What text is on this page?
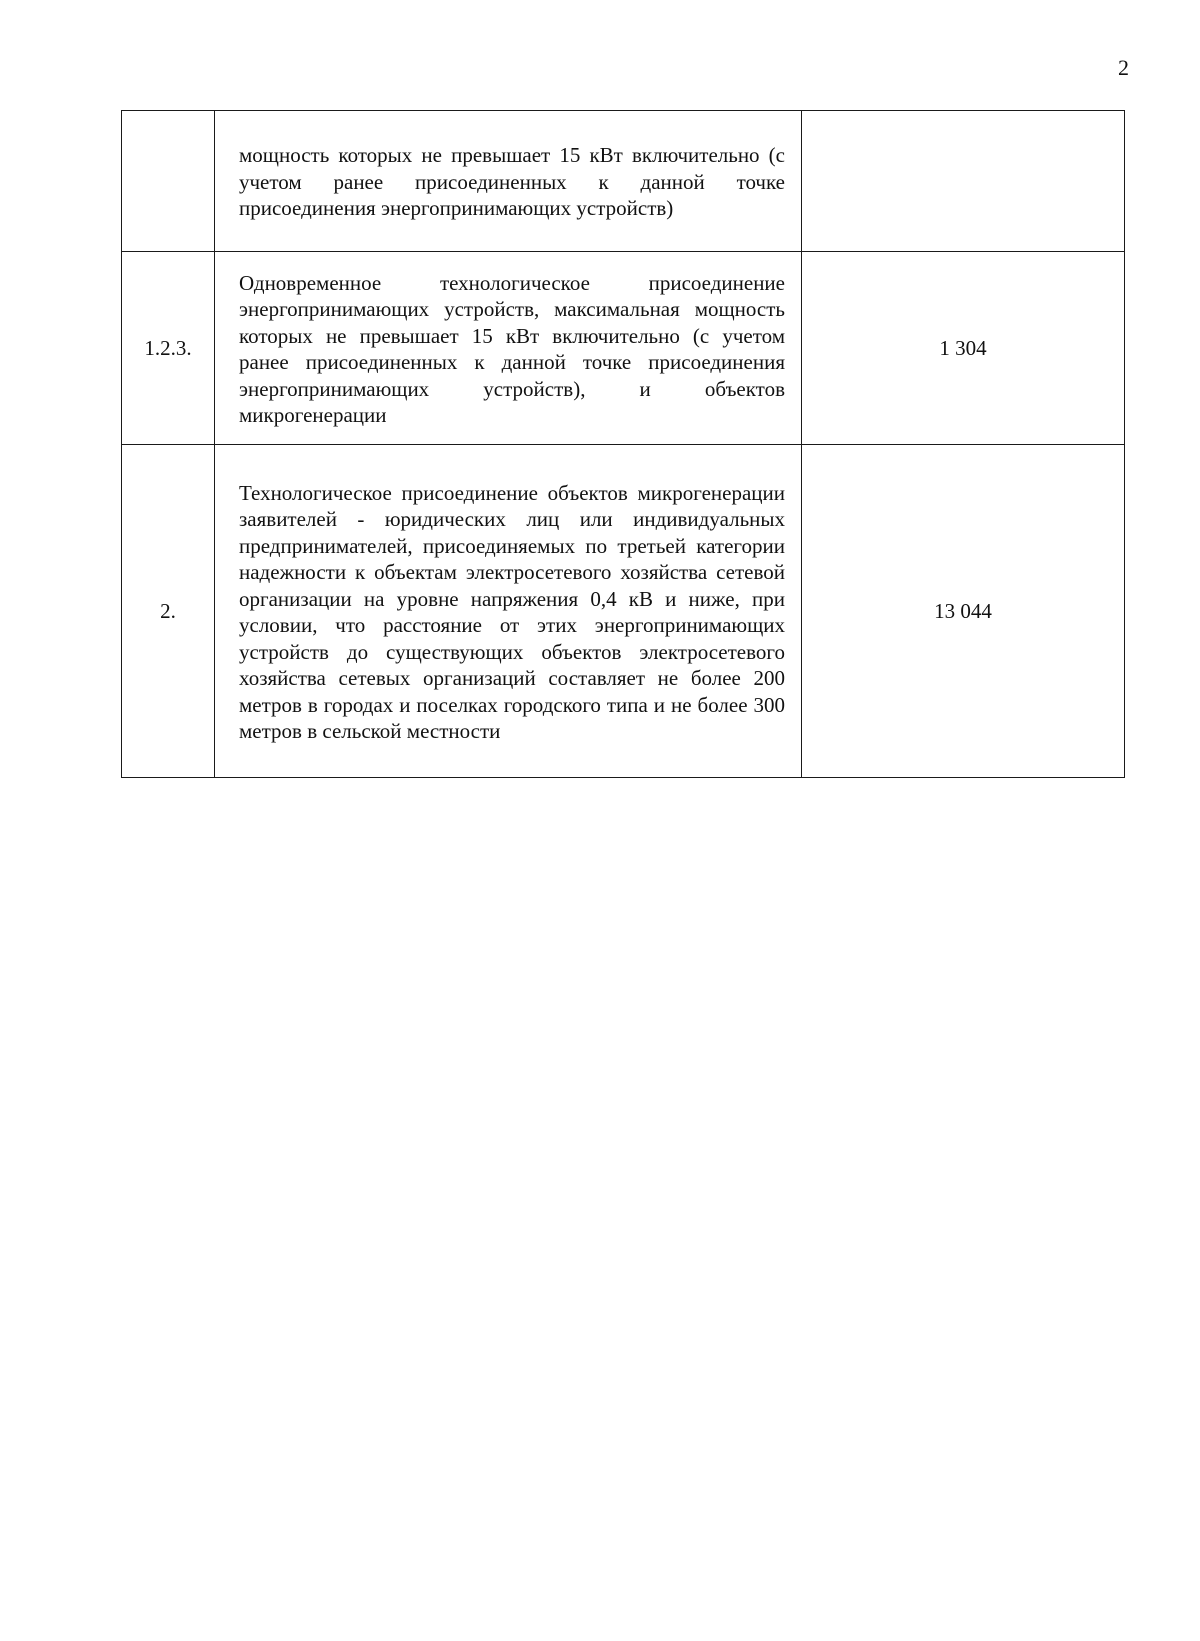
2
	мощность которых не превышает 15 кВт включительно (с учетом ранее присоединенных к данной точке присоединения энергопринимающих устройств)	
1.2.3.	Одновременное технологическое присоединение энергопринимающих устройств, максимальная мощность которых не превышает 15 кВт включительно (с учетом ранее присоединенных к данной точке присоединения энергопринимающих устройств), и объектов микрогенерации	1 304
2.	Технологическое присоединение объектов микрогенерации заявителей - юридических лиц или индивидуальных предпринимателей, присоединяемых по третьей категории надежности к объектам электросетевого хозяйства сетевой организации на уровне напряжения 0,4 кВ и ниже, при условии, что расстояние от этих энергопринимающих устройств до существующих объектов электросетевого хозяйства сетевых организаций составляет не более 200 метров в городах и поселках городского типа и не более 300 метров в сельской местности	13 044
